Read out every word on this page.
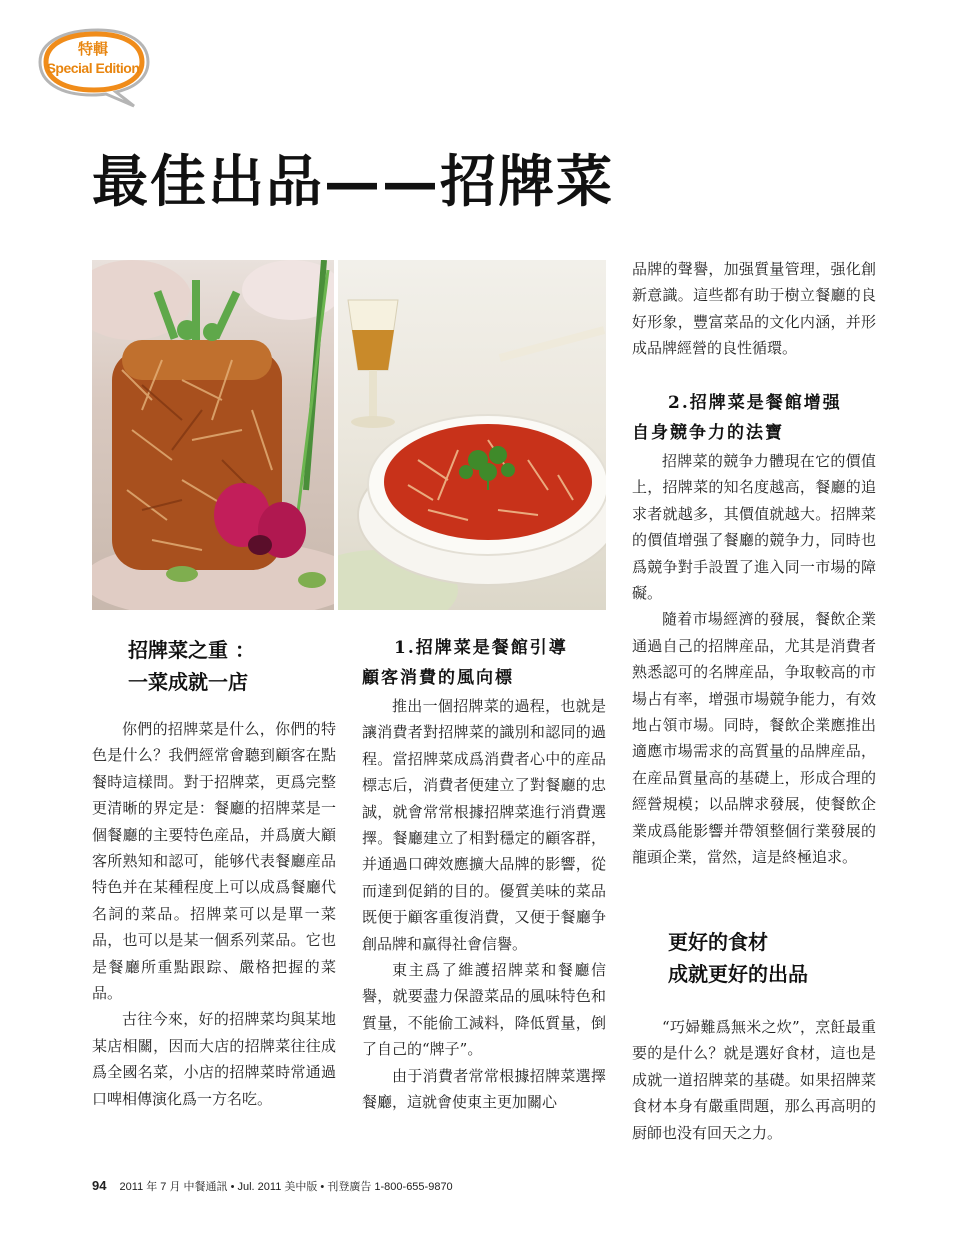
特輯
Special Edition
最佳出品——招牌菜
招牌菜之重 ：
一菜成就一店

你們的招牌菜是什么，你們的特色是什么？我們經常會聽到顧客在點餐時這樣問。對于招牌菜，更爲完整更清晰的界定是：餐廳的招牌菜是一個餐廳的主要特色産品，并爲廣大顧客所熟知和認可，能够代表餐廳産品特色并在某種程度上可以成爲餐廳代名詞的菜品。招牌菜可以是單一菜品，也可以是某一個系列菜品。它也是餐廳所重點跟踪、嚴格把握的菜品。

古往今來，好的招牌菜均與某地某店相關，因而大店的招牌菜往往成爲全國名菜，小店的招牌菜時常通過口啤相傳演化爲一方名吃。

1.招牌菜是餐館引導
顧客消費的風向標

推出一個招牌菜的過程，也就是讓消費者對招牌菜的識別和認同的過程。當招牌菜成爲消費者心中的産品標志后，消費者便建立了對餐廳的忠誠，就會常常根據招牌菜進行消費選擇。餐廳建立了相對穩定的顧客群，并通過口碑效應擴大品牌的影響，從而達到促銷的目的。優質美味的菜品既便于顧客重復消費，又便于餐廳争創品牌和赢得社會信譽。

東主爲了維護招牌菜和餐廳信譽，就要盡力保證菜品的風味特色和質量，不能偷工減料，降低質量，倒了自己的“牌子”。

由于消費者常常根據招牌菜選擇餐廳，這就會使東主更加關心

品牌的聲譽，加强質量管理，强化創新意識。這些都有助于樹立餐廳的良好形象，豐富菜品的文化内涵，并形成品牌經營的良性循環。

2.招牌菜是餐館增强
自身競争力的法寶

招牌菜的競争力體現在它的價值上，招牌菜的知名度越高，餐廳的追求者就越多，其價值就越大。招牌菜的價值增强了餐廳的競争力，同時也爲競争對手設置了進入同一市場的障礙。

隨着市場經濟的發展，餐飲企業通過自己的招牌産品，尤其是消費者熟悉認可的名牌産品，争取較高的市場占有率，增强市場競争能力，有效地占領市場。同時，餐飲企業應推出適應市場需求的高質量的品牌産品，在産品質量高的基礎上，形成合理的經營規模；以品牌求發展，使餐飲企業成爲能影響并帶領整個行業發展的龍頭企業，當然，這是終極追求。

更好的食材
成就更好的出品

“巧婦難爲無米之炊”，烹飪最重要的是什么？就是選好食材，這也是成就一道招牌菜的基礎。如果招牌菜食材本身有嚴重問題，那么再高明的厨師也没有回天之力。

94 2011 年 7 月 中餐通訊 • Jul. 2011 美中版 • 刊登廣告 1-800-655-9870
